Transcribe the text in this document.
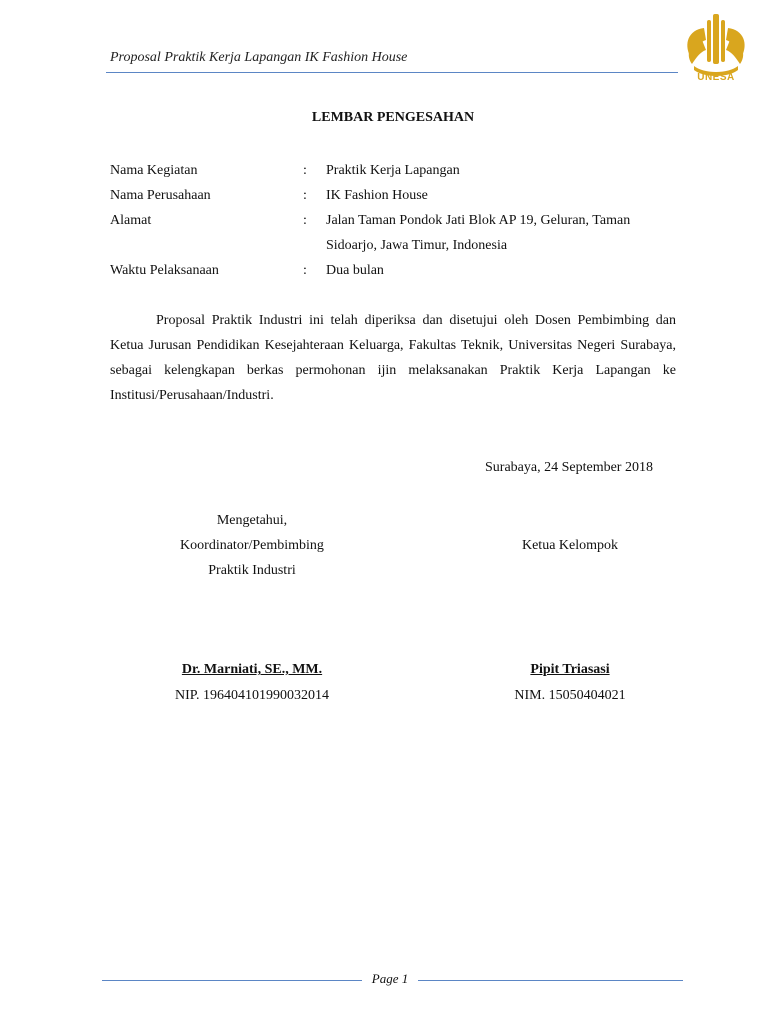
Proposal Praktik Kerja Lapangan IK Fashion House
UNESA
LEMBAR PENGESAHAN
Nama Kegiatan	:	Praktik Kerja Lapangan
Nama Perusahaan	:	IK Fashion House
Alamat	:	Jalan Taman Pondok Jati Blok AP 19, Geluran, Taman Sidoarjo, Jawa Timur, Indonesia
Waktu Pelaksanaan	:	Dua bulan
Proposal Praktik Industri ini telah diperiksa dan disetujui oleh Dosen Pembimbing dan Ketua Jurusan Pendidikan Kesejahteraan Keluarga, Fakultas Teknik, Universitas Negeri Surabaya, sebagai kelengkapan berkas permohonan ijin melaksanakan Praktik Kerja Lapangan ke Institusi/Perusahaan/Industri.
Surabaya, 24 September 2018
Mengetahui,
Koordinator/Pembimbing
Praktik Industri
Ketua Kelompok
Dr. Marniati, SE., MM.
NIP. 196404101990032014
Pipit Triasasi
NIM. 15050404021
Page 1
